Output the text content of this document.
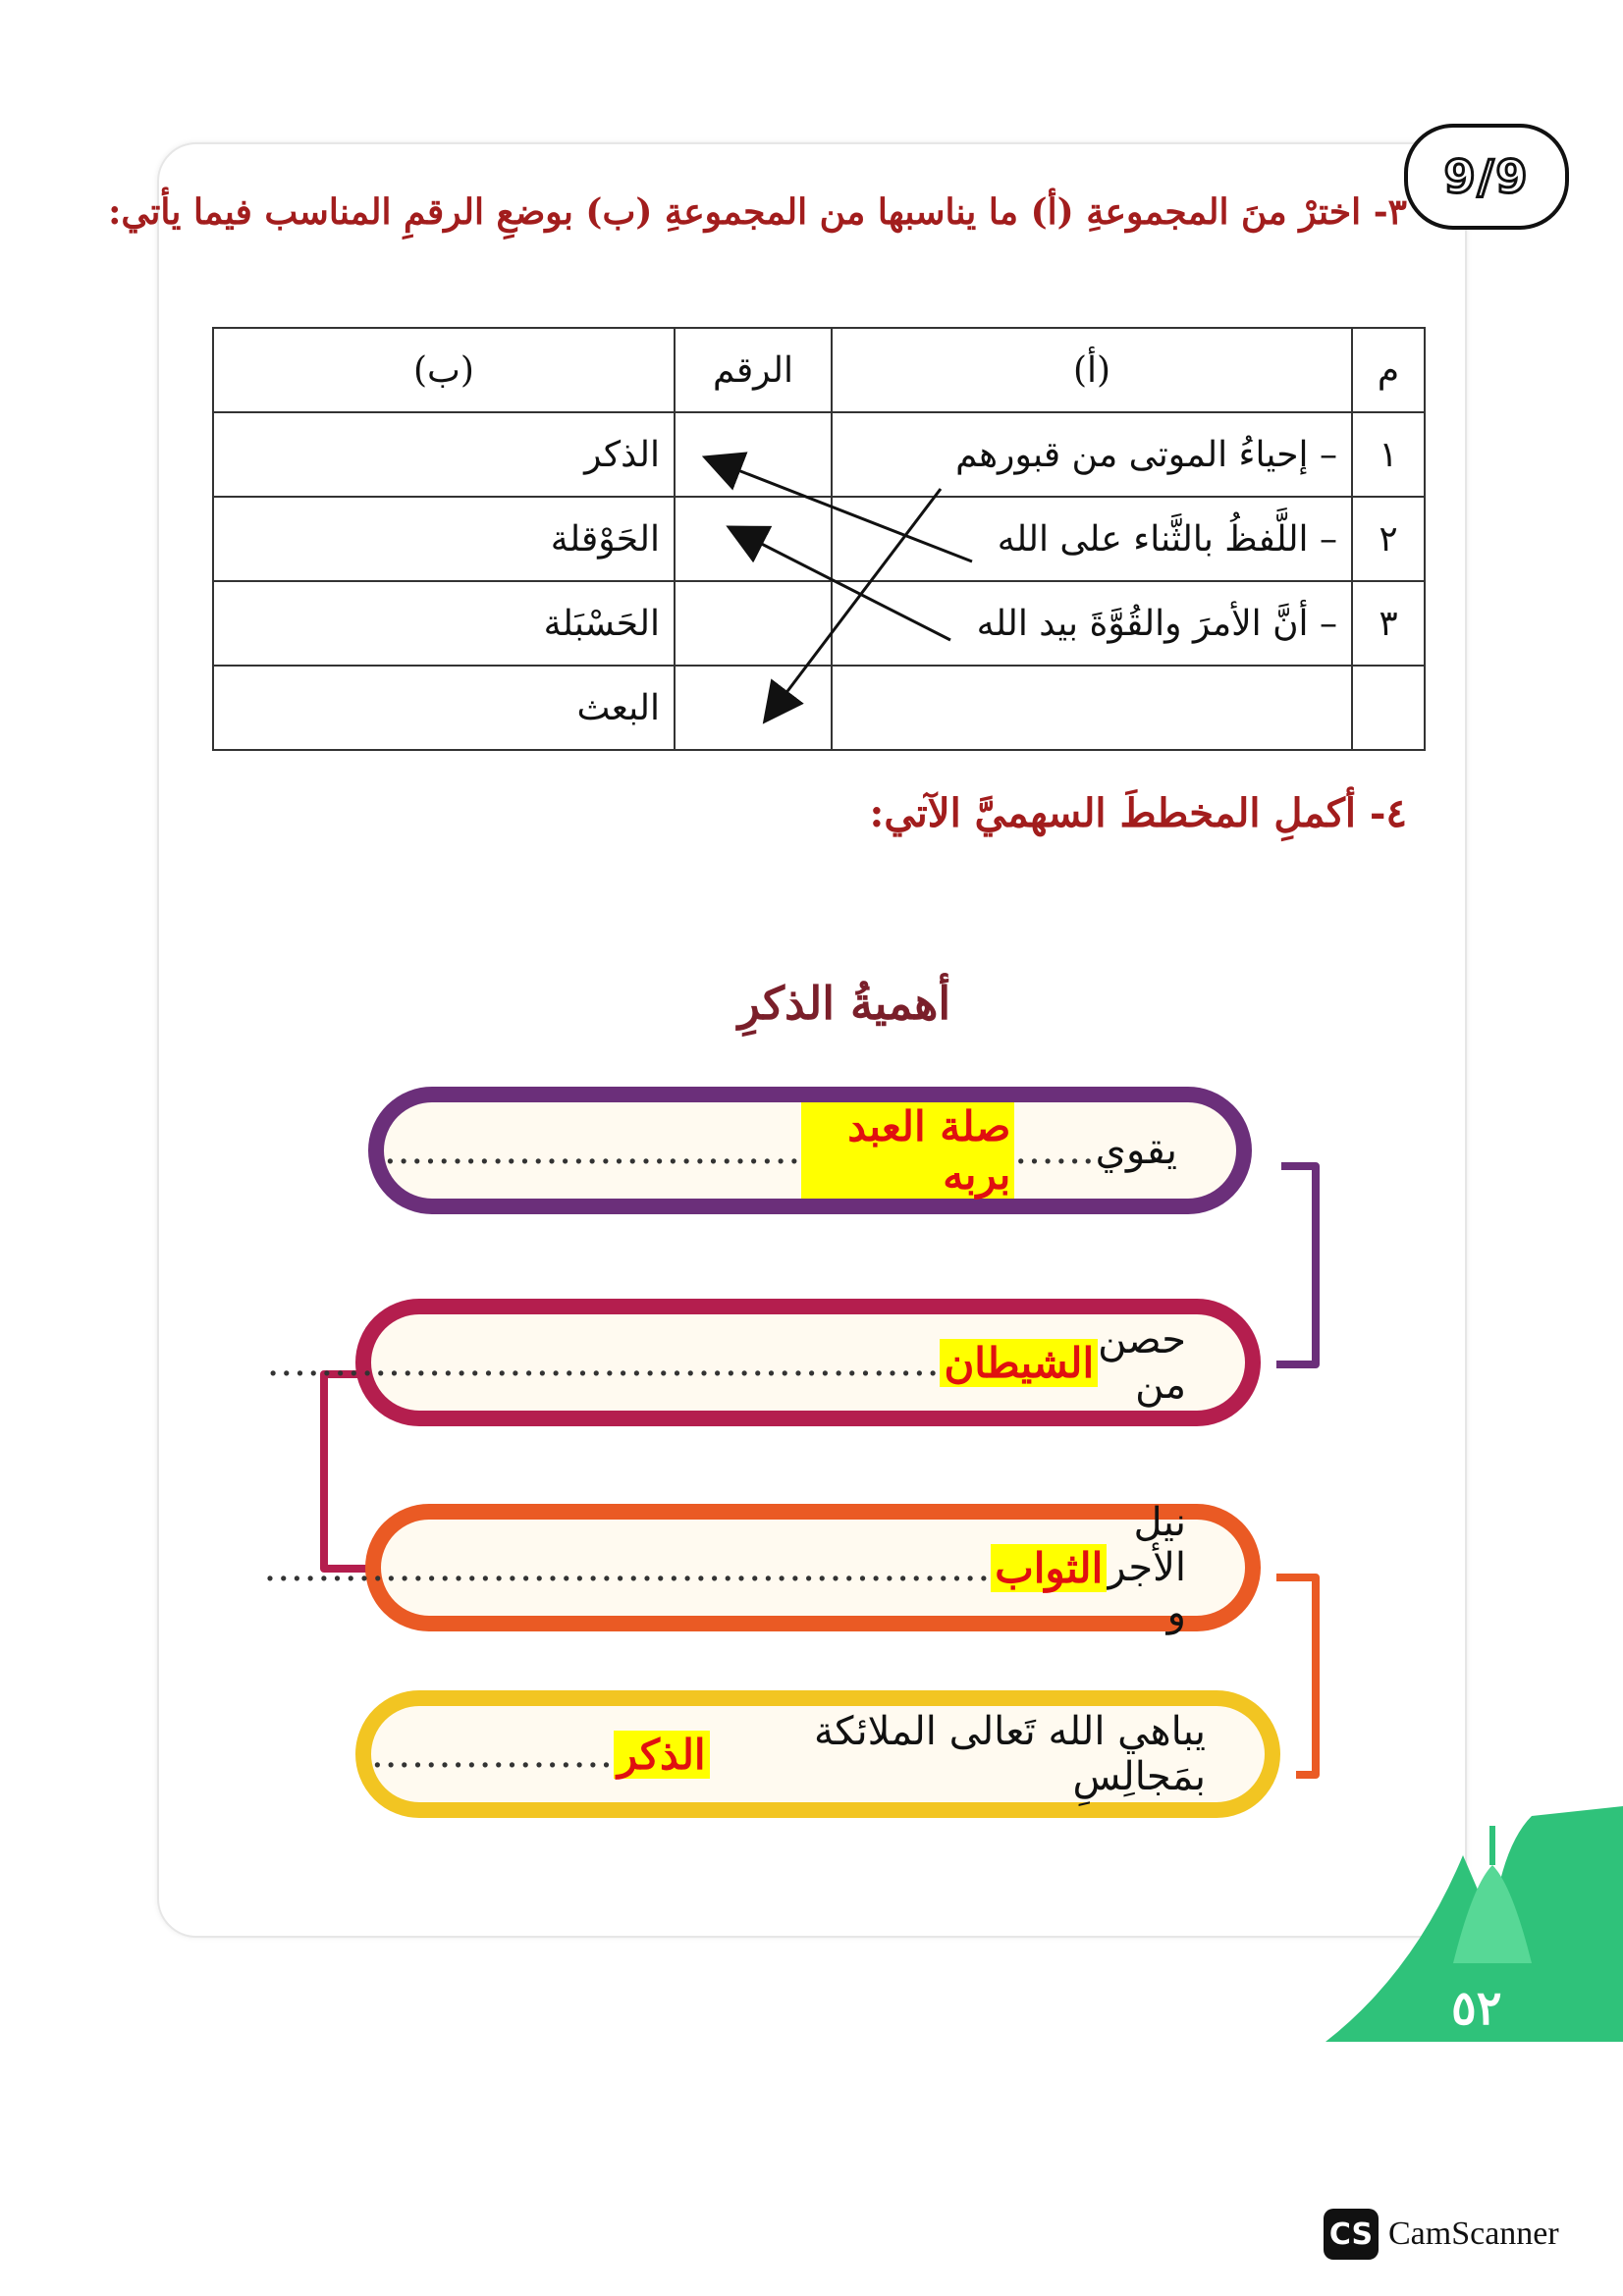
9/9
٣- اخترْ منَ المجموعةِ (أ) ما يناسبها من المجموعةِ (ب) بوضعِ الرقمِ المناسب فيما يأتي:
م	(أ)	الرقم	(ب)
١	– إحياءُ الموتى من قبورهم		الذكر
٢	– اللَّفظُ بالثَّناء على الله		الحَوْقلة
٣	– أنَّ الأمرَ والقُوَّةَ بيد الله		الحَسْبَلة
			البعث
٤- أكملِ المخططَ السهميَّ الآتي:
أهميةُ الذكرِ
يقوي
......
صلة العبد بربه
...............................
حصن من
الشيطان
..................................................
نيل الأجر و
الثواب
......................................................
يباهي الله تَعالى الملائكة بمَجالِسِ
الذكر
..................
٥٢
CS CamScanner
